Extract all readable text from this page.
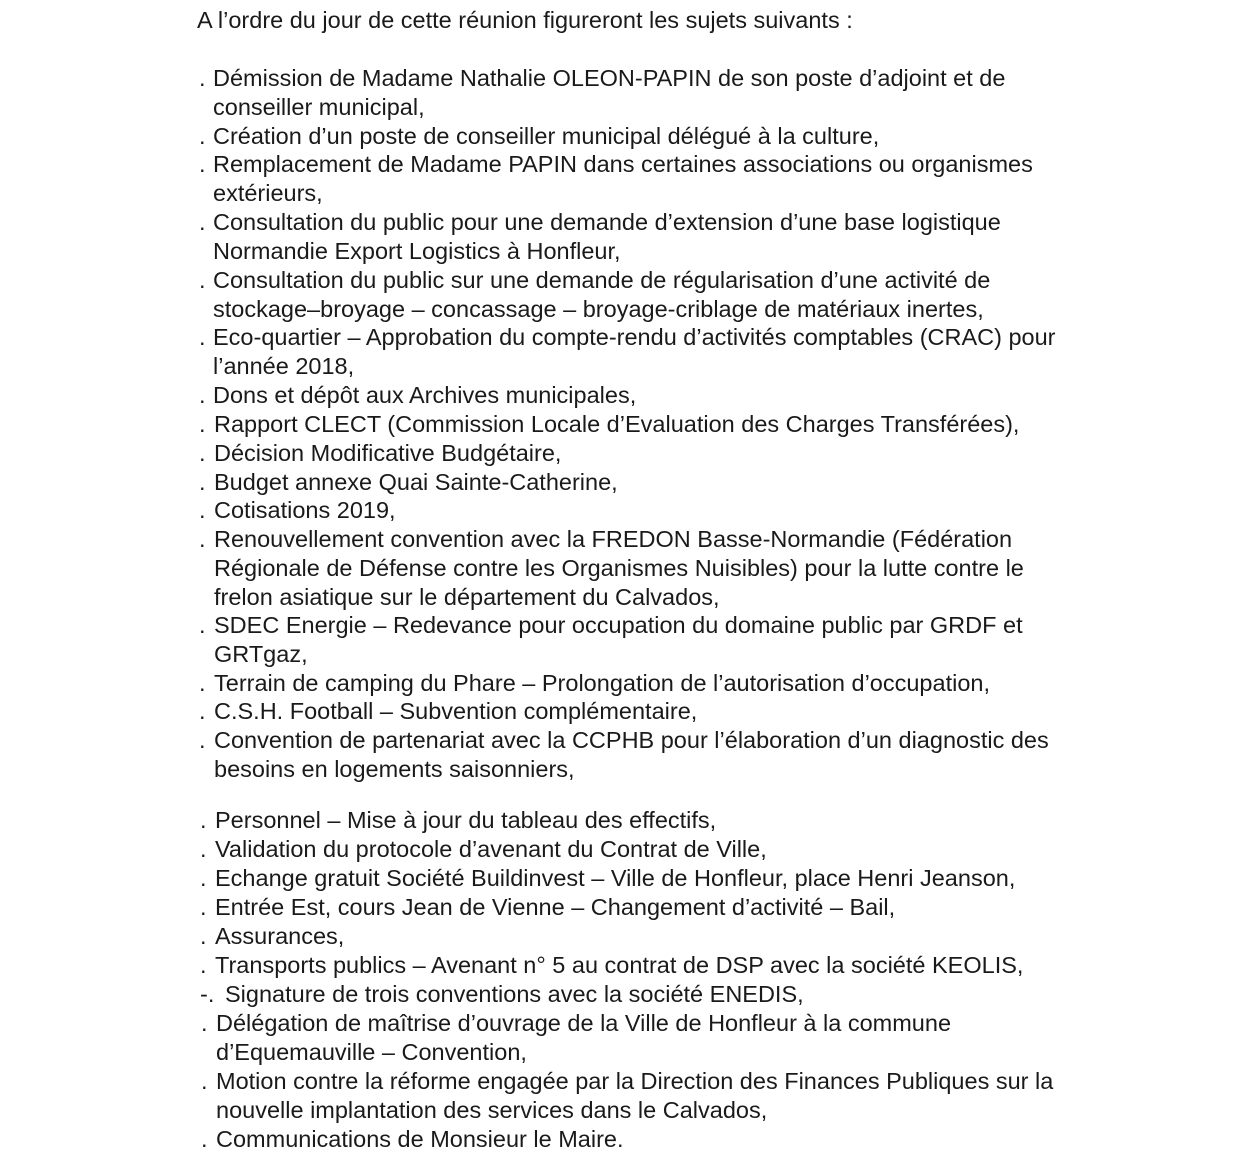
A l’ordre du jour de cette réunion figureront les sujets suivants :
. Démission de Madame Nathalie OLEON-PAPIN de son poste d’adjoint et de
conseiller municipal,
. Création d’un poste de conseiller municipal délégué à la culture,
. Remplacement de Madame PAPIN dans certaines associations ou organismes
extérieurs,
. Consultation du public pour une demande d’extension d’une base logistique
Normandie Export Logistics à Honfleur,
. Consultation du public sur une demande de régularisation d’une activité de
stockage–broyage – concassage – broyage-criblage de matériaux inertes,
. Eco-quartier – Approbation du compte-rendu d’activités comptables (CRAC) pour
l’année 2018,
. Dons et dépôt aux Archives municipales,
. Rapport CLECT (Commission Locale d’Evaluation des Charges Transférées),
. Décision Modificative Budgétaire,
. Budget annexe Quai Sainte-Catherine,
. Cotisations 2019,
. Renouvellement convention avec la FREDON Basse-Normandie (Fédération
Régionale de Défense contre les Organismes Nuisibles) pour la lutte contre le
frelon asiatique sur le département du Calvados,
. SDEC Energie – Redevance pour occupation du domaine public par GRDF et
GRTgaz,
. Terrain de camping du Phare – Prolongation de l’autorisation d’occupation,
. C.S.H. Football – Subvention complémentaire,
. Convention de partenariat avec la CCPHB pour l’élaboration d’un diagnostic des
besoins en logements saisonniers,
. Personnel – Mise à jour du tableau des effectifs,
. Validation du protocole d’avenant du Contrat de Ville,
. Echange gratuit Société Buildinvest – Ville de Honfleur, place Henri Jeanson,
. Entrée Est, cours Jean de Vienne – Changement d’activité – Bail,
. Assurances,
. Transports publics – Avenant n° 5 au contrat de DSP avec la société KEOLIS,
-. Signature de trois conventions avec la société ENEDIS,
. Délégation de maîtrise d’ouvrage de la Ville de Honfleur à la commune
d’Equemauville – Convention,
. Motion contre la réforme engagée par la Direction des Finances Publiques sur la
nouvelle implantation des services dans le Calvados,
. Communications de Monsieur le Maire.
